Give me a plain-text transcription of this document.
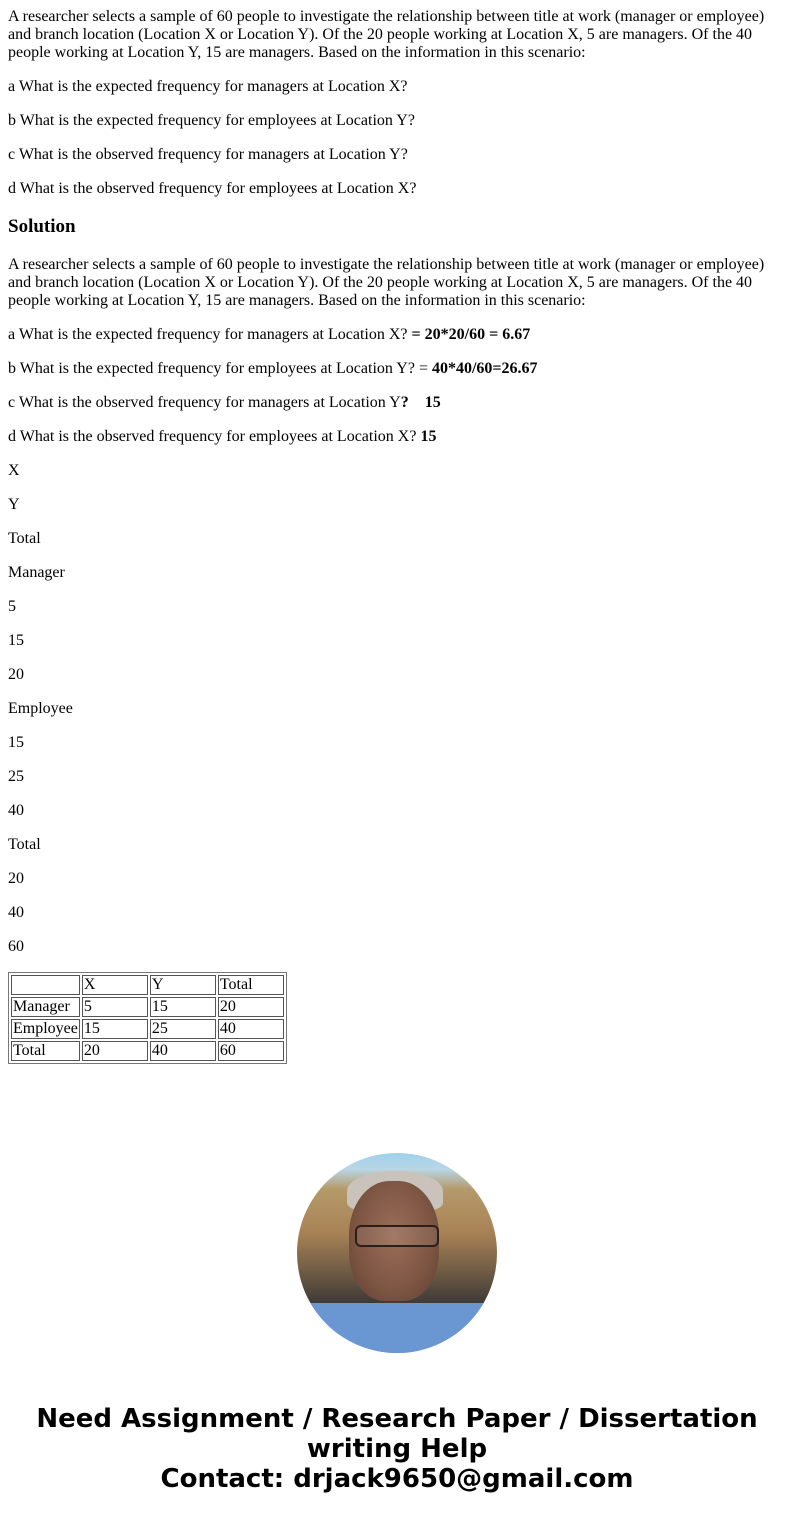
A researcher selects a sample of 60 people to investigate the relationship between title at work (manager or employee) and branch location (Location X or Location Y). Of the 20 people working at Location X, 5 are managers. Of the 40 people working at Location Y, 15 are managers. Based on the information in this scenario:

a What is the expected frequency for managers at Location X?

b What is the expected frequency for employees at Location Y?

c What is the observed frequency for managers at Location Y?

d What is the observed frequency for employees at Location X?

Solution

A researcher selects a sample of 60 people to investigate the relationship between title at work (manager or employee) and branch location (Location X or Location Y). Of the 20 people working at Location X, 5 are managers. Of the 40 people working at Location Y, 15 are managers. Based on the information in this scenario:

a What is the expected frequency for managers at Location X? = 20*20/60 = 6.67

b What is the expected frequency for employees at Location Y? = 40*40/60=26.67

c What is the observed frequency for managers at Location Y?    15

d What is the observed frequency for employees at Location X? 15

X

Y

Total

Manager

5

15

20

Employee

15

25

40

Total

20

40

60

	X	Y	Total
Manager	5	15	20
Employee	15	25	40
Total	20	40	60
Need Assignment / Research Paper / Dissertation
writing Help
Contact: drjack9650@gmail.com
